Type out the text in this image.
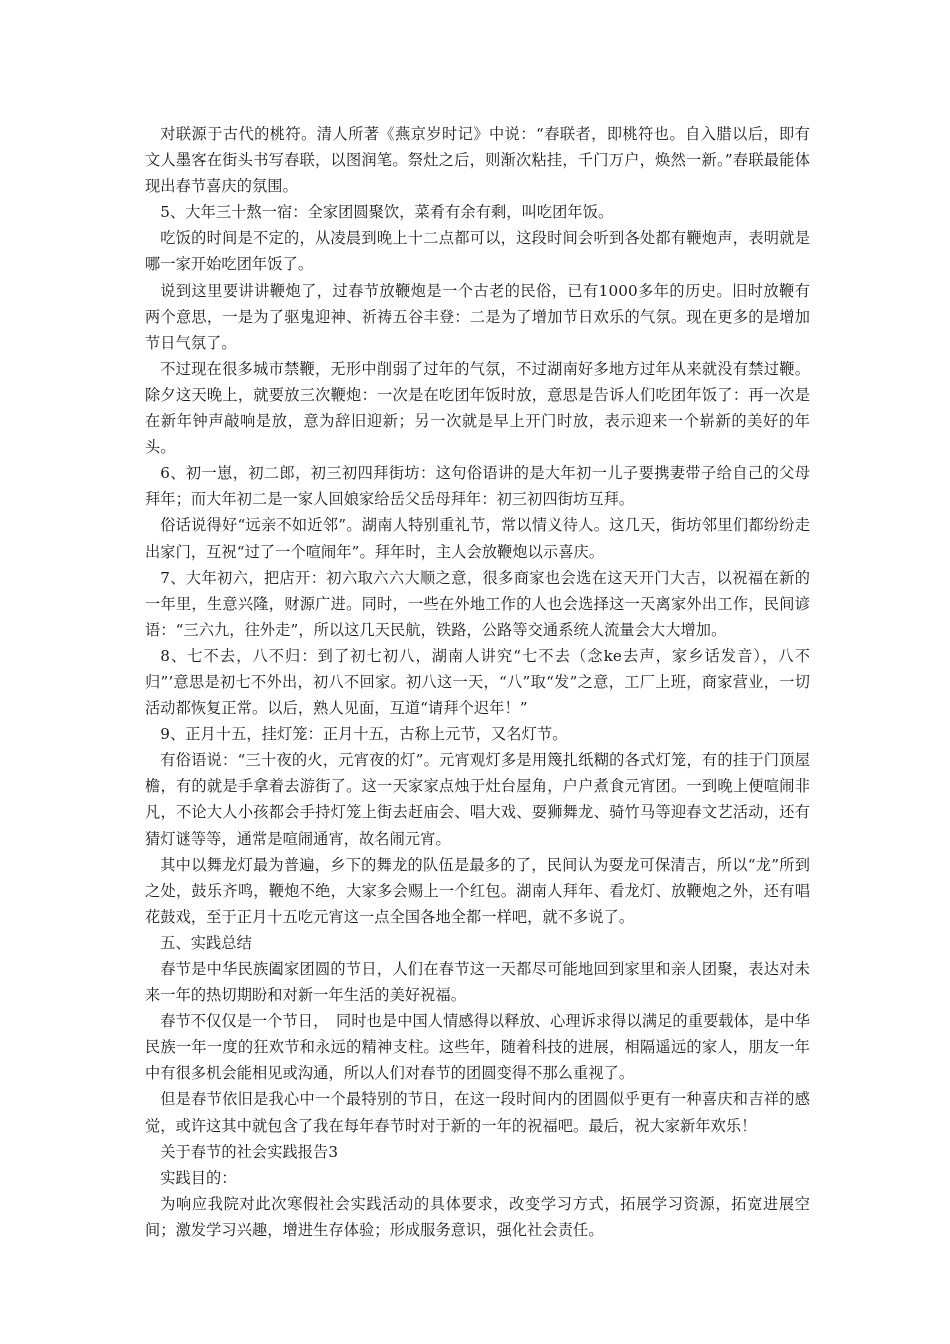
对联源于古代的桃符。清人所著《燕京岁时记》中说：“春联者，即桃符也。自入腊以后，即有文人墨客在街头书写春联，以图润笔。祭灶之后，则渐次粘挂，千门万户，焕然一新。”春联最能体现出春节喜庆的氛围。

5、大年三十熬一宿：全家团圆聚饮，菜肴有余有剩，叫吃团年饭。

吃饭的时间是不定的，从凌晨到晚上十二点都可以，这段时间会听到各处都有鞭炮声，表明就是哪一家开始吃团年饭了。

说到这里要讲讲鞭炮了，过春节放鞭炮是一个古老的民俗，已有1000多年的历史。旧时放鞭有两个意思，一是为了驱鬼迎神、祈祷五谷丰登：二是为了增加节日欢乐的气氛。现在更多的是增加节日气氛了。

不过现在很多城市禁鞭，无形中削弱了过年的气氛，不过湖南好多地方过年从来就没有禁过鞭。除夕这天晚上，就要放三次鞭炮：一次是在吃团年饭时放，意思是告诉人们吃团年饭了：再一次是在新年钟声敲响是放，意为辞旧迎新；另一次就是早上开门时放，表示迎来一个崭新的美好的年头。

6、初一崽，初二郎，初三初四拜街坊：这句俗语讲的是大年初一儿子要携妻带子给自己的父母拜年；而大年初二是一家人回娘家给岳父岳母拜年：初三初四街坊互拜。

俗话说得好“远亲不如近邻”。湖南人特别重礼节，常以情义待人。这几天，街坊邻里们都纷纷走出家门，互祝“过了一个喧闹年”。拜年时，主人会放鞭炮以示喜庆。

7、大年初六，把店开：初六取六六大顺之意，很多商家也会选在这天开门大吉，以祝福在新的一年里，生意兴隆，财源广进。同时，一些在外地工作的人也会选择这一天离家外出工作，民间谚语：“三六九，往外走”，所以这几天民航，铁路，公路等交通系统人流量会大大增加。

8、七不去，八不归：到了初七初八，湖南人讲究“七不去（念ke去声，家乡话发音），八不归”’意思是初七不外出，初八不回家。初八这一天，“八”取“发”之意，工厂上班，商家营业，一切活动都恢复正常。以后，熟人见面，互道“请拜个迟年！”

9、正月十五，挂灯笼：正月十五，古称上元节，又名灯节。

有俗语说：“三十夜的火，元宵夜的灯”。元宵观灯多是用篾扎纸糊的各式灯笼，有的挂于门顶屋檐，有的就是手拿着去游街了。这一天家家点烛于灶台屋角，户户煮食元宵团。一到晚上便喧闹非凡，不论大人小孩都会手持灯笼上街去赶庙会、唱大戏、耍狮舞龙、骑竹马等迎春文艺活动，还有猜灯谜等等，通常是喧闹通宵，故名闹元宵。

其中以舞龙灯最为普遍，乡下的舞龙的队伍是最多的了，民间认为耍龙可保清吉，所以“龙”所到之处，鼓乐齐鸣，鞭炮不绝，大家多会赐上一个红包。湖南人拜年、看龙灯、放鞭炮之外，还有唱花鼓戏，至于正月十五吃元宵这一点全国各地全都一样吧，就不多说了。

五、实践总结

春节是中华民族阖家团圆的节日，人们在春节这一天都尽可能地回到家里和亲人团聚，表达对未来一年的热切期盼和对新一年生活的美好祝福。

春节不仅仅是一个节日，　同时也是中国人情感得以释放、心理诉求得以满足的重要载体，是中华民族一年一度的狂欢节和永远的精神支柱。这些年，随着科技的进展，相隔遥远的家人，朋友一年中有很多机会能相见或沟通，所以人们对春节的团圆变得不那么重视了。

但是春节依旧是我心中一个最特别的节日，在这一段时间内的团圆似乎更有一种喜庆和吉祥的感觉，或许这其中就包含了我在每年春节时对于新的一年的祝福吧。最后，祝大家新年欢乐！

关于春节的社会实践报告3

实践目的：

为响应我院对此次寒假社会实践活动的具体要求，改变学习方式，拓展学习资源，拓宽进展空间；激发学习兴趣，增进生存体验；形成服务意识，强化社会责任。
